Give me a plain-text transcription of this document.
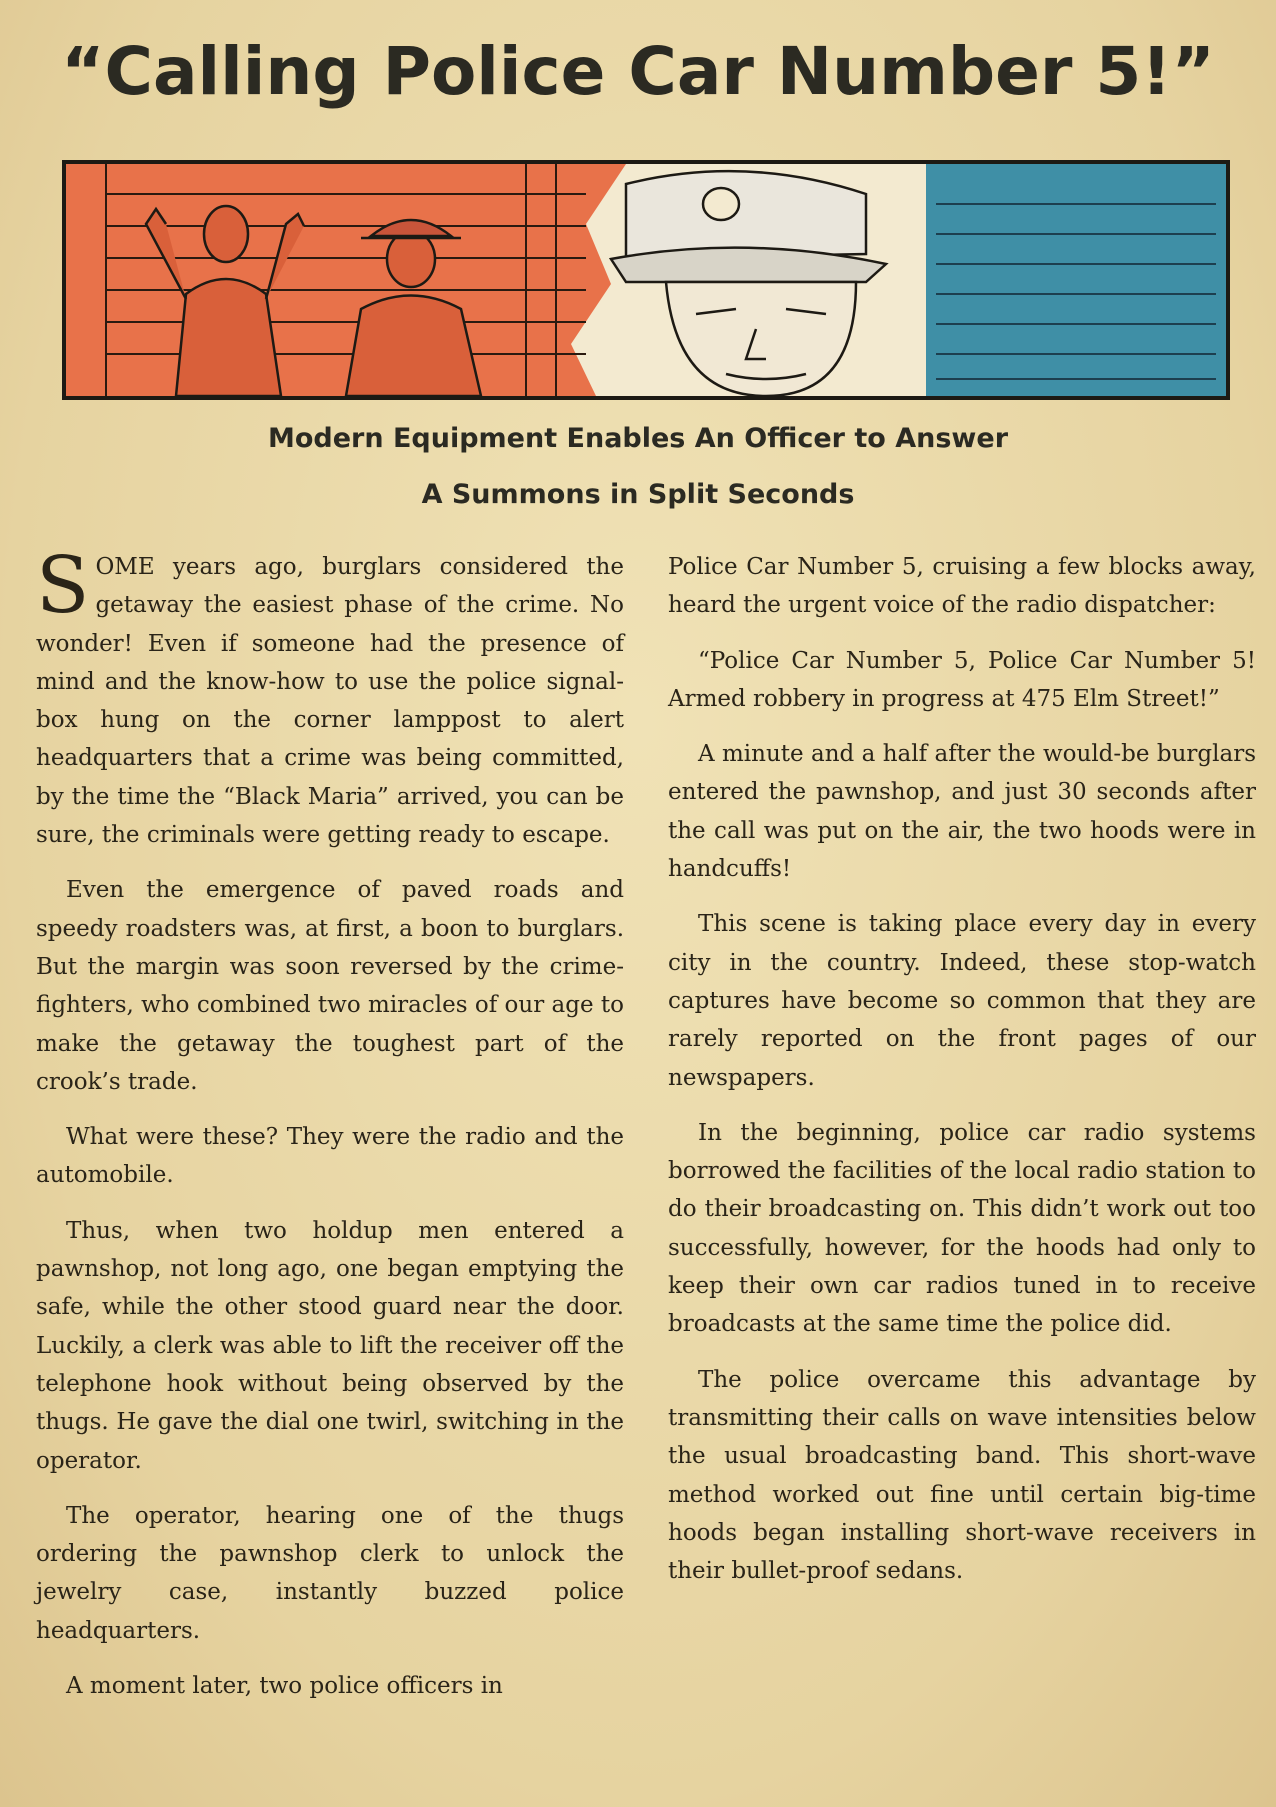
“Calling Police Car Number 5!”
Modern Equipment Enables An Officer to Answer
A Summons in Split Seconds

SOME years ago, burglars considered the getaway the easiest phase of the crime. No wonder! Even if someone had the presence of mind and the know-how to use the police signal-box hung on the corner lamppost to alert headquarters that a crime was being committed, by the time the “Black Maria” arrived, you can be sure, the criminals were getting ready to escape.

Even the emergence of paved roads and speedy roadsters was, at first, a boon to burglars. But the margin was soon reversed by the crime-fighters, who combined two miracles of our age to make the getaway the toughest part of the crook’s trade.

What were these? They were the radio and the automobile.

Thus, when two holdup men entered a pawnshop, not long ago, one began emptying the safe, while the other stood guard near the door. Luckily, a clerk was able to lift the receiver off the telephone hook without being observed by the thugs. He gave the dial one twirl, switching in the operator.

The operator, hearing one of the thugs ordering the pawnshop clerk to unlock the jewelry case, instantly buzzed police headquarters.

A moment later, two police officers in

Police Car Number 5, cruising a few blocks away, heard the urgent voice of the radio dispatcher:

“Police Car Number 5, Police Car Number 5! Armed robbery in progress at 475 Elm Street!”

A minute and a half after the would-be burglars entered the pawnshop, and just 30 seconds after the call was put on the air, the two hoods were in handcuffs!

This scene is taking place every day in every city in the country. Indeed, these stop-watch captures have become so common that they are rarely reported on the front pages of our newspapers.

In the beginning, police car radio systems borrowed the facilities of the local radio station to do their broadcasting on. This didn’t work out too successfully, however, for the hoods had only to keep their own car radios tuned in to receive broadcasts at the same time the police did.

The police overcame this advantage by transmitting their calls on wave intensities below the usual broadcasting band. This short-wave method worked out fine until certain big-time hoods began installing short-wave receivers in their bullet-proof sedans.
